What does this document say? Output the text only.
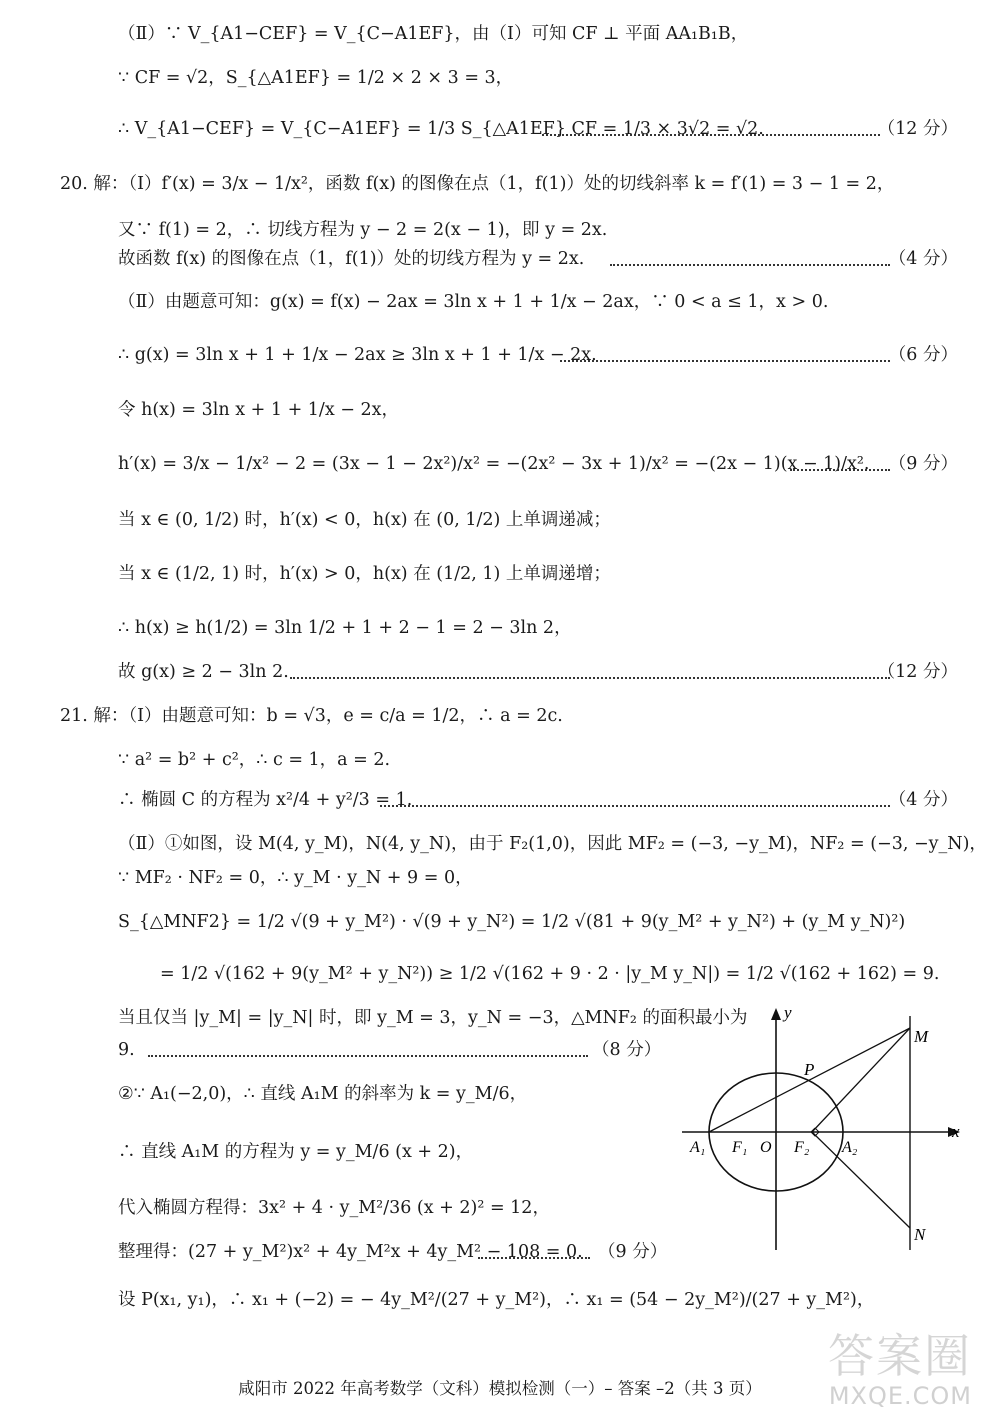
（Ⅱ）∵ V_{A1−CEF} = V_{C−A1EF}，由（Ⅰ）可知 CF ⊥ 平面 AA₁B₁B，
∵ CF = √2，S_{△A1EF} = 1/2 × 2 × 3 = 3，
∴ V_{A1−CEF} = V_{C−A1EF} = 1/3 S_{△A1EF} CF = 1/3 × 3√2 = √2.	（12 分）
20. 解：（Ⅰ）f′(x) = 3/x − 1/x²，函数 f(x) 的图像在点（1，f(1)）处的切线斜率 k = f′(1) = 3 − 1 = 2，
又∵ f(1) = 2，∴ 切线方程为 y − 2 = 2(x − 1)，即 y = 2x.
故函数 f(x) 的图像在点（1，f(1)）处的切线方程为 y = 2x.	（4 分）
（Ⅱ）由题意可知：g(x) = f(x) − 2ax = 3ln x + 1 + 1/x − 2ax，∵ 0 < a ≤ 1，x > 0.
∴ g(x) = 3ln x + 1 + 1/x − 2ax ≥ 3ln x + 1 + 1/x − 2x.	（6 分）
令 h(x) = 3ln x + 1 + 1/x − 2x，
h′(x) = 3/x − 1/x² − 2 = (3x − 1 − 2x²)/x² = −(2x² − 3x + 1)/x² = −(2x − 1)(x − 1)/x². （9 分）
当 x ∈ (0, 1/2) 时，h′(x) < 0，h(x) 在 (0, 1/2) 上单调递减；
当 x ∈ (1/2, 1) 时，h′(x) > 0，h(x) 在 (1/2, 1) 上单调递增；
∴ h(x) ≥ h(1/2) = 3ln 1/2 + 1 + 2 − 1 = 2 − 3ln 2，
故 g(x) ≥ 2 − 3ln 2.	（12 分）
21. 解：（Ⅰ）由题意可知：b = √3，e = c/a = 1/2，∴ a = 2c.
∵ a² = b² + c²，∴ c = 1，a = 2.
∴ 椭圆 C 的方程为 x²/4 + y²/3 = 1.	（4 分）
（Ⅱ）①如图，设 M(4, y_M)，N(4, y_N)，由于 F₂(1,0)，因此 MF₂ = (−3, −y_M)，NF₂ = (−3, −y_N)，
∵ MF₂ · NF₂ = 0，∴ y_M · y_N + 9 = 0，
S_{△MNF2} = 1/2 √(9 + y_M²) · √(9 + y_N²) = 1/2 √(81 + 9(y_M² + y_N²) + (y_M y_N)²)
= 1/2 √(162 + 9(y_M² + y_N²)) ≥ 1/2 √(162 + 9 · 2 · |y_M y_N|) = 1/2 √(162 + 162) = 9.
当且仅当 |y_M| = |y_N| 时，即 y_M = 3，y_N = −3，△MNF₂ 的面积最小为
9.	（8 分）
②∵ A₁(−2,0)，∴ 直线 A₁M 的斜率为 k = y_M/6，
∴ 直线 A₁M 的方程为 y = y_M/6 (x + 2)，
代入椭圆方程得：3x² + 4 · y_M²/36 (x + 2)² = 12，
整理得：(27 + y_M²)x² + 4y_M²x + 4y_M² − 108 = 0. （9 分）
设 P(x₁, y₁)，∴ x₁ + (−2) = − 4y_M²/(27 + y_M²)，∴ x₁ = (54 − 2y_M²)/(27 + y_M²)，
y
x
M
N
P
A₁ F₁ O F₂ A₂
答案圈
MXQE.COM
咸阳市 2022 年高考数学（文科）模拟检测（一）– 答案 –2（共 3 页）
